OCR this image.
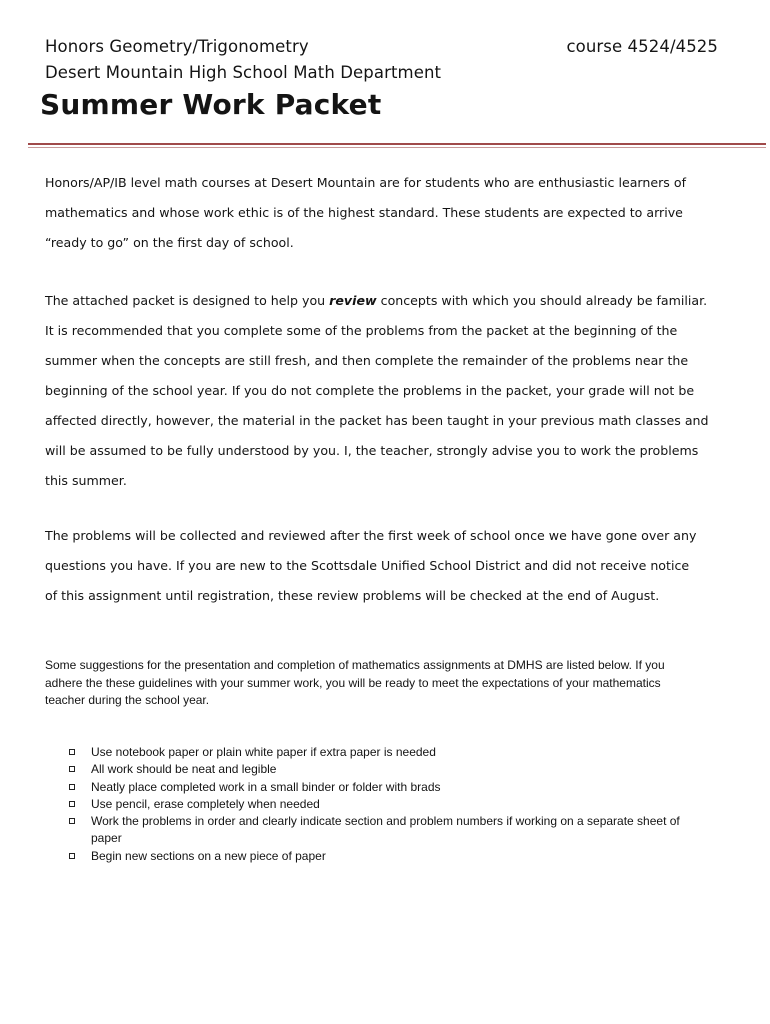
Honors Geometry/Trigonometry	course 4524/4525
Desert Mountain High School Math Department
Summer Work Packet
Honors/AP/IB level math courses at Desert Mountain are for students who are enthusiastic learners of
mathematics and whose work ethic is of the highest standard. These students are expected to arrive
“ready to go” on the first day of school.
The attached packet is designed to help you review concepts with which you should already be familiar.
It is recommended that you complete some of the problems from the packet at the beginning of the
summer when the concepts are still fresh, and then complete the remainder of the problems near the
beginning of the school year. If you do not complete the problems in the packet, your grade will not be
affected directly, however, the material in the packet has been taught in your previous math classes and
will be assumed to be fully understood by you. I, the teacher, strongly advise you to work the problems
this summer.
The problems will be collected and reviewed after the first week of school once we have gone over any
questions you have. If you are new to the Scottsdale Unified School District and did not receive notice
of this assignment until registration, these review problems will be checked at the end of August.
Some suggestions for the presentation and completion of mathematics assignments at DMHS are listed below. If you
adhere the these guidelines with your summer work, you will be ready to meet the expectations of your mathematics
teacher during the school year.
Use notebook paper or plain white paper if extra paper is needed
All work should be neat and legible
Neatly place completed work in a small binder or folder with brads
Use pencil, erase completely when needed
Work the problems in order and clearly indicate section and problem numbers if working on a separate sheet of
paper
Begin new sections on a new piece of paper
